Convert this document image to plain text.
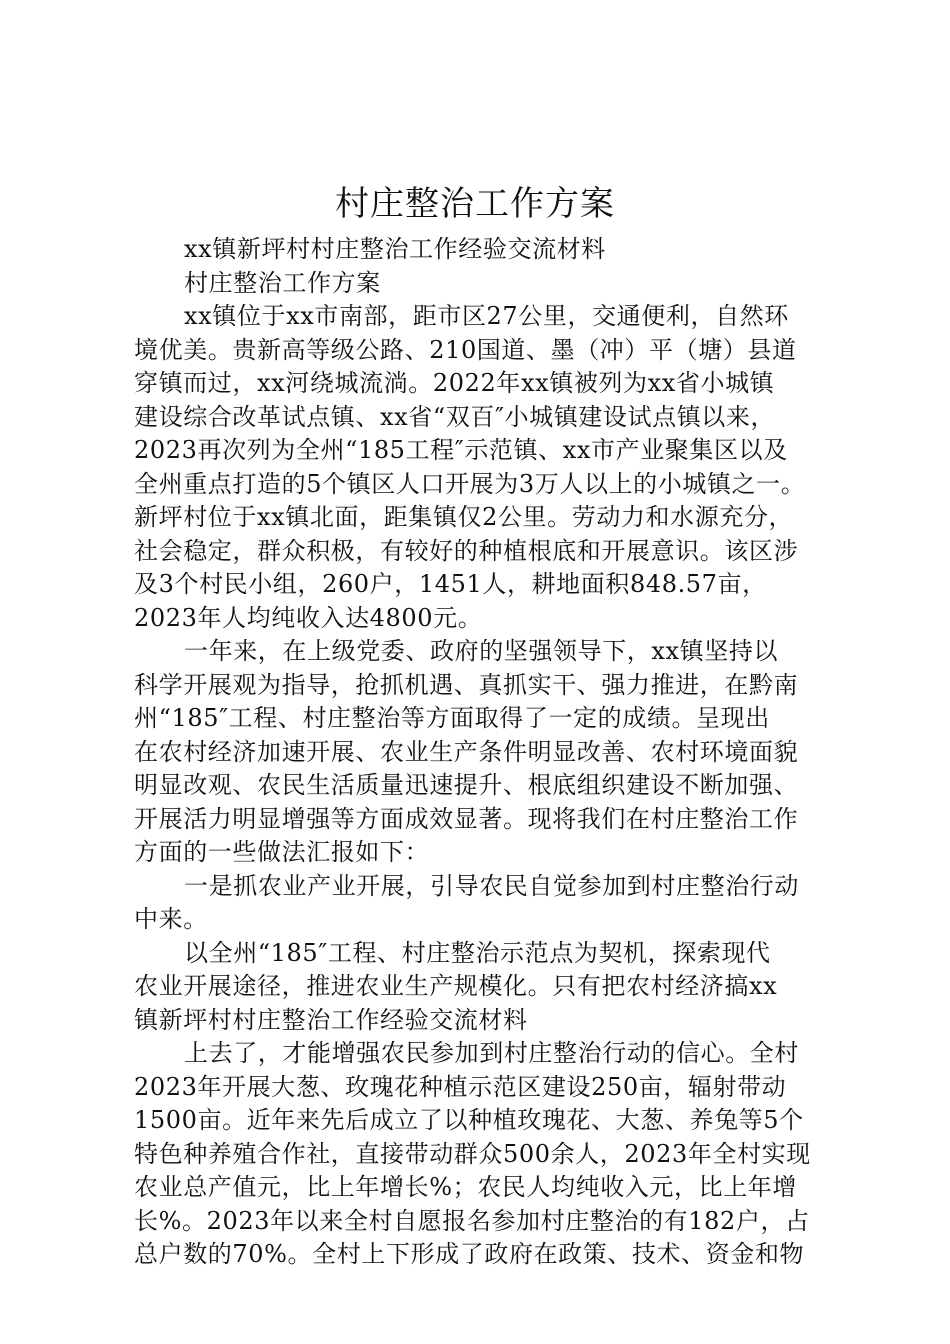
村庄整治工作方案
xx镇新坪村村庄整治工作经验交流材料
村庄整治工作方案
xx镇位于xx市南部，距市区27公里，交通便利，自然环
境优美。贵新高等级公路、210国道、墨（冲）平（塘）县道
穿镇而过，xx河绕城流淌。2022年xx镇被列为xx省小城镇
建设综合改革试点镇、xx省“双百″小城镇建设试点镇以来，
2023再次列为全州“185工程″示范镇、xx市产业聚集区以及
全州重点打造的5个镇区人口开展为3万人以上的小城镇之一。
新坪村位于xx镇北面，距集镇仅2公里。劳动力和水源充分，
社会稳定，群众积极，有较好的种植根底和开展意识。该区涉
及3个村民小组，260户，1451人，耕地面积848.57亩，
2023年人均纯收入达4800元。
一年来，在上级党委、政府的坚强领导下，xx镇坚持以
科学开展观为指导，抢抓机遇、真抓实干、强力推进，在黔南
州“185″工程、村庄整治等方面取得了一定的成绩。呈现出
在农村经济加速开展、农业生产条件明显改善、农村环境面貌
明显改观、农民生活质量迅速提升、根底组织建设不断加强、
开展活力明显增强等方面成效显著。现将我们在村庄整治工作
方面的一些做法汇报如下：
一是抓农业产业开展，引导农民自觉参加到村庄整治行动
中来。
以全州“185″工程、村庄整治示范点为契机，探索现代
农业开展途径，推进农业生产规模化。只有把农村经济搞xx
镇新坪村村庄整治工作经验交流材料
上去了，才能增强农民参加到村庄整治行动的信心。全村
2023年开展大葱、玫瑰花种植示范区建设250亩，辐射带动
1500亩。近年来先后成立了以种植玫瑰花、大葱、养兔等5个
特色种养殖合作社，直接带动群众500余人，2023年全村实现
农业总产值元，比上年增长%；农民人均纯收入元，比上年增
长%。2023年以来全村自愿报名参加村庄整治的有182户，占
总户数的70%。全村上下形成了政府在政策、技术、资金和物
